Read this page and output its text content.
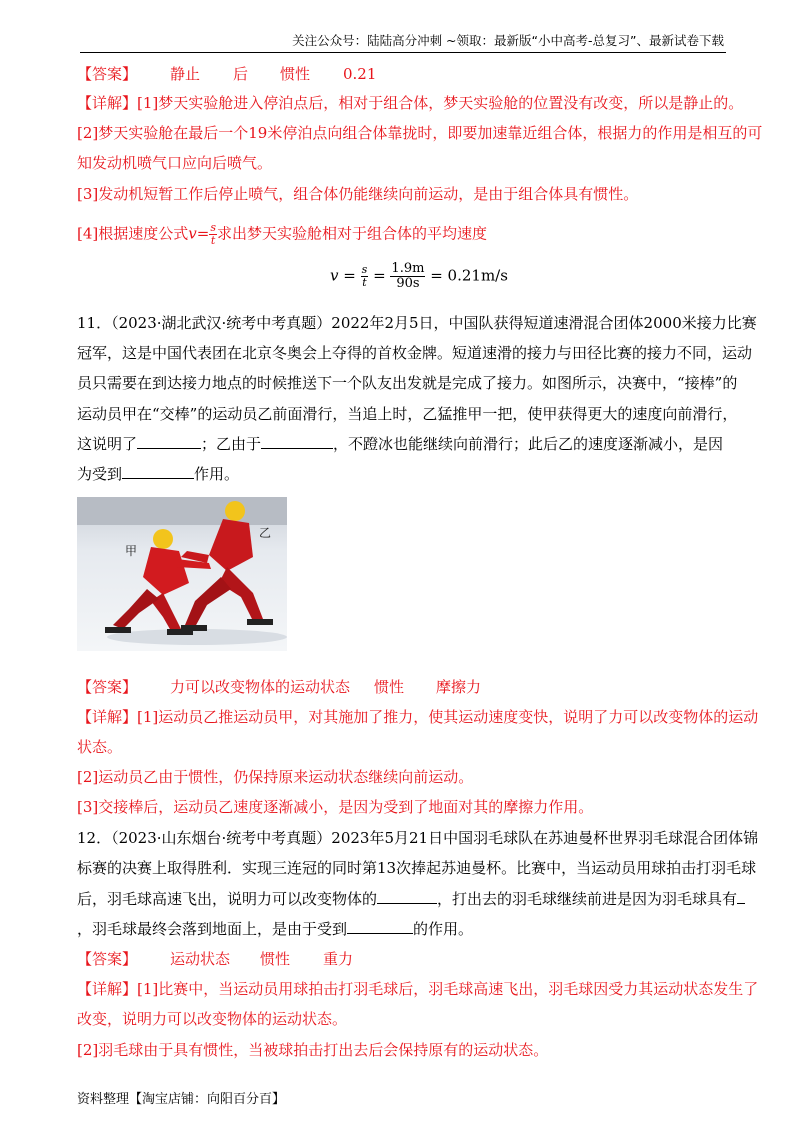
关注公众号：陆陆高分冲刺 ~领取：最新版“小中高考-总复习”、最新试卷下载
【答案】 静止 后 惯性 0.21
【详解】[1]梦天实验舱进入停泊点后，相对于组合体，梦天实验舱的位置没有改变，所以是静止的。
[2]梦天实验舱在最后一个19米停泊点向组合体靠拢时，即要加速靠近组合体，根据力的作用是相互的可
知发动机喷气口应向后喷气。
[3]发动机短暂工作后停止喷气，组合体仍能继续向前运动，是由于组合体具有惯性。
[4]根据速度公式$v= \frac{s}{t}$ 求出梦天实验舱相对于组合体的平均速度
$v = \frac{s}{t} = \frac{1.9m}{90s} = 0.21m/s$
11．（2023·湖北武汉·统考中考真题）2022年2月5日，中国队获得短道速滑混合团体2000米接力比赛
冠军，这是中国代表团在北京冬奥会上夺得的首枚金牌。短道速滑的接力与田径比赛的接力不同，运动
员只需要在到达接力地点的时候推送下一个队友出发就是完成了接力。如图所示，决赛中，“接棒”的
运动员甲在“交棒”的运动员乙前面滑行，当追上时，乙猛推甲一把，使甲获得更大的速度向前滑行，
这说明了	；乙由于	，不蹬冰也能继续向前滑行；此后乙的速度逐渐减小，是因
为受到	作用。
甲
乙
【答案】 力可以改变物体的运动状态 惯性 摩擦力
【详解】[1]运动员乙推运动员甲，对其施加了推力，使其运动速度变快，说明了力可以改变物体的运动
状态。
[2]运动员乙由于惯性，仍保持原来运动状态继续向前运动。
[3]交接棒后，运动员乙速度逐渐减小，是因为受到了地面对其的摩擦力作用。
12．（2023·山东烟台·统考中考真题）2023年5月21日中国羽毛球队在苏迪曼杯世界羽毛球混合团体锦
标赛的决赛上取得胜利．实现三连冠的同时第13次捧起苏迪曼杯。比赛中，当运动员用球拍击打羽毛球
后，羽毛球高速飞出，说明力可以改变物体的	，打出去的羽毛球继续前进是因为羽毛球具有
，羽毛球最终会落到地面上，是由于受到	的作用。
【答案】 运动状态 惯性 重力
【详解】[1]比赛中，当运动员用球拍击打羽毛球后，羽毛球高速飞出，羽毛球因受力其运动状态发生了
改变，说明力可以改变物体的运动状态。
[2]羽毛球由于具有惯性，当被球拍击打出去后会保持原有的运动状态。
资料整理【淘宝店铺：向阳百分百】
